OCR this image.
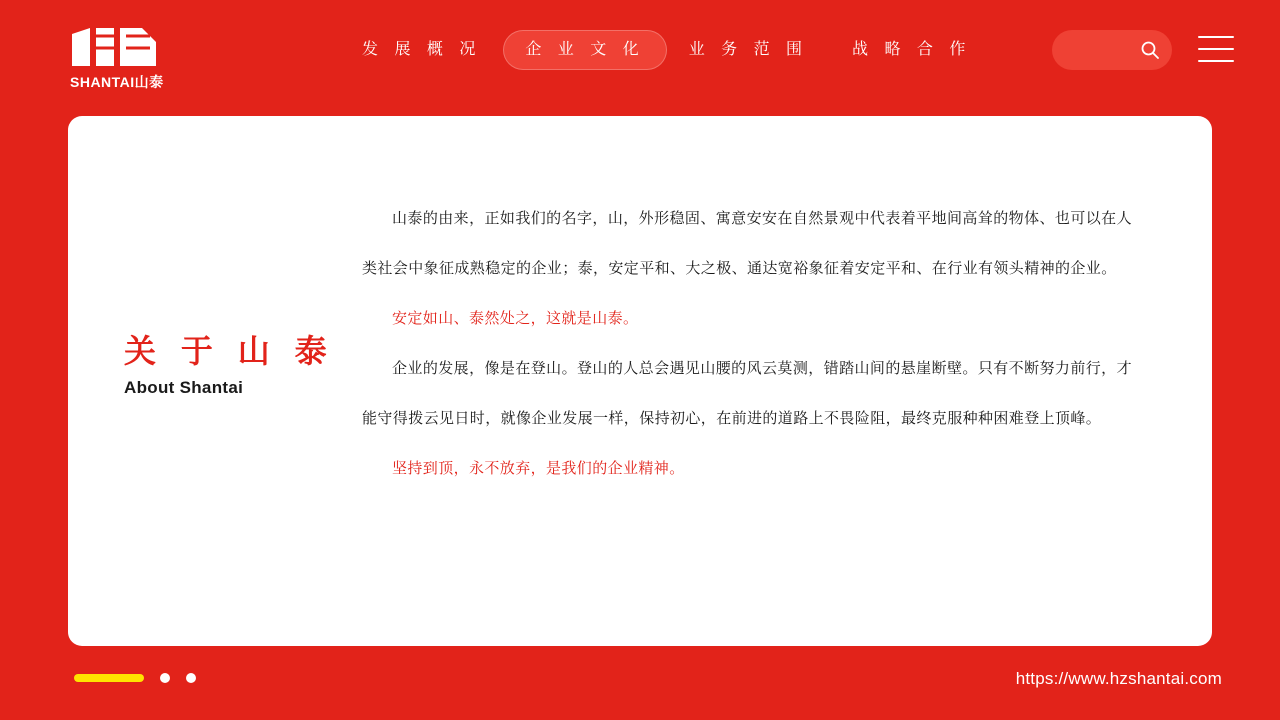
SHANTAI山泰
发 展 概 况	企 业 文 化	业 务 范 围	战 略 合 作
关 于 山 泰
About Shantai

山泰的由来，正如我们的名字，山，外形稳固、寓意安安在自然景观中代表着平地间高耸的物体、也可以在人类社会中象征成熟稳定的企业；泰，安定平和、大之极、通达宽裕象征着安定平和、在行业有领头精神的企业。

安定如山、泰然处之，这就是山泰。

企业的发展，像是在登山。登山的人总会遇见山腰的风云莫测，错踏山间的悬崖断壁。只有不断努力前行，才能守得拨云见日时，就像企业发展一样，保持初心，在前进的道路上不畏险阻，最终克服种种困难登上顶峰。

坚持到顶，永不放弃，是我们的企业精神。

https://www.hzshantai.com
